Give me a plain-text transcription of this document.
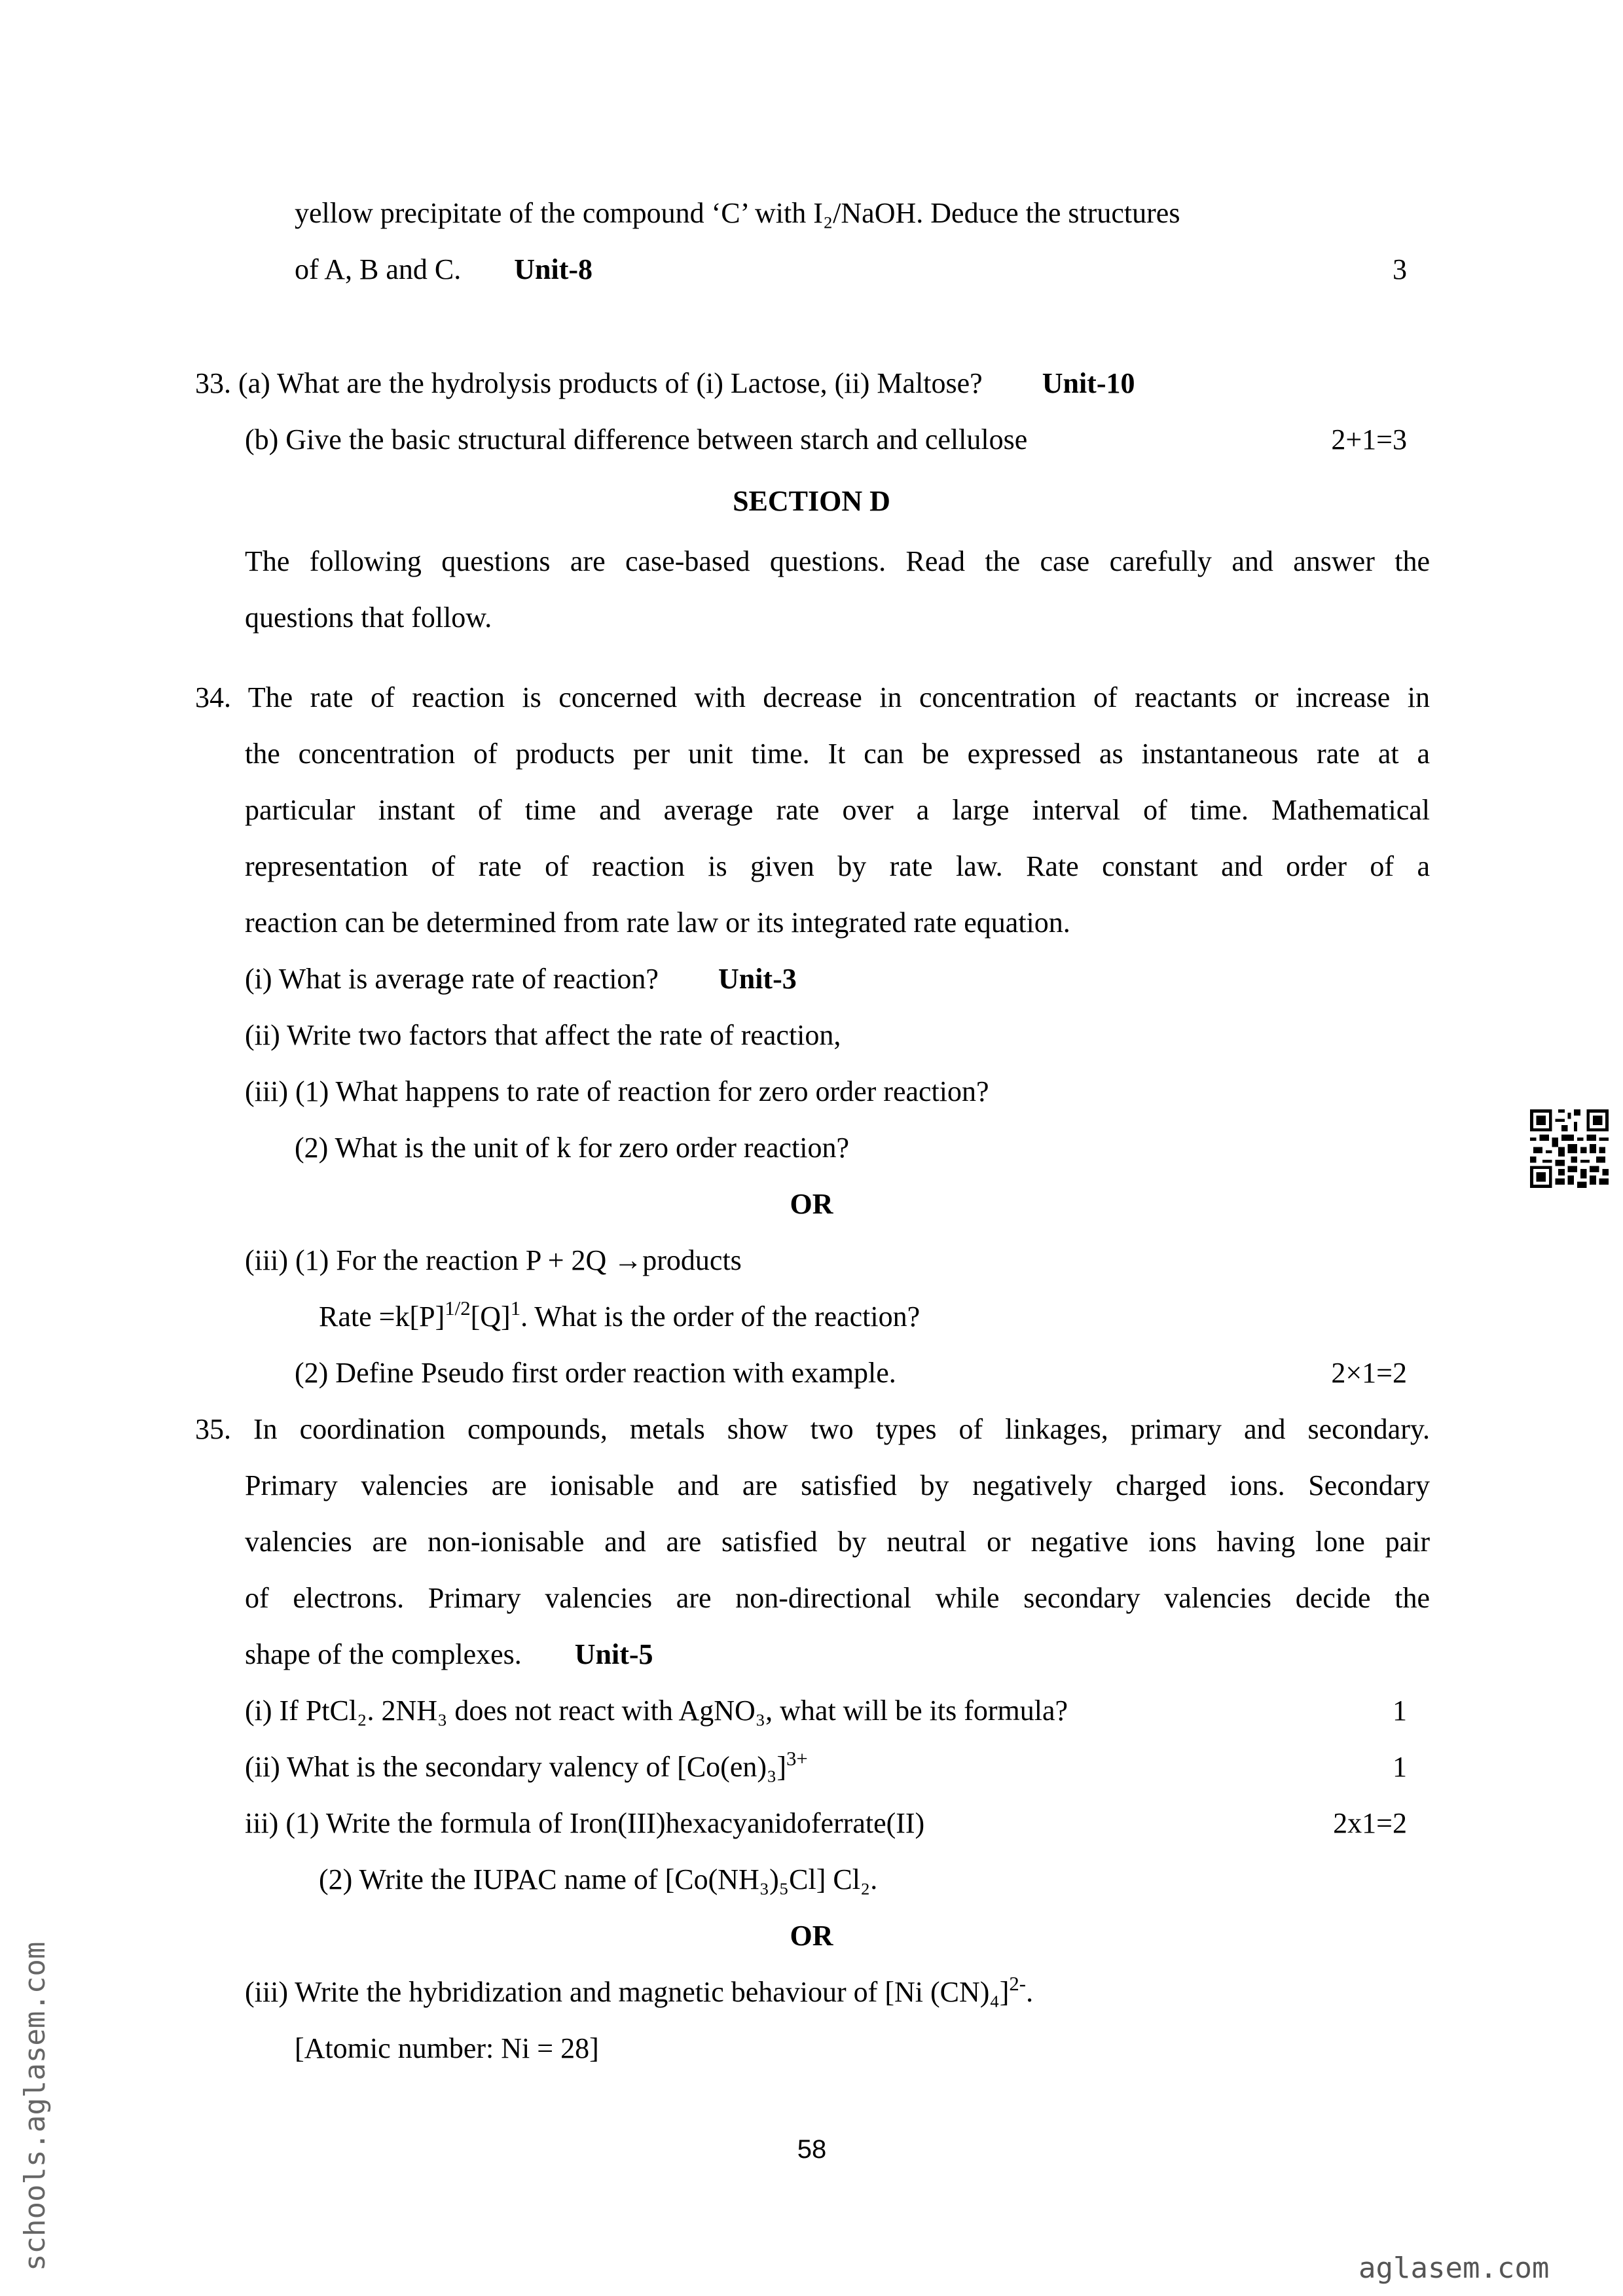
yellow precipitate of the compound ‘C’ with I₂/NaOH. Deduce the structures
of A, B and C. Unit-8	3
33. (a) What are the hydrolysis products of (i) Lactose, (ii) Maltose? Unit-10
(b) Give the basic structural difference between starch and cellulose	2+1=3
SECTION D
The following questions are case-based questions. Read the case carefully and answer the
questions that follow.
34. The rate of reaction is concerned with decrease in concentration of reactants or increase in
the concentration of products per unit time. It can be expressed as instantaneous rate at a
particular instant of time and average rate over a large interval of time. Mathematical
representation of rate of reaction is given by rate law. Rate constant and order of a
reaction can be determined from rate law or its integrated rate equation.
(i) What is average rate of reaction? Unit-3
(ii) Write two factors that affect the rate of reaction,
(iii) (1) What happens to rate of reaction for zero order reaction?
(2) What is the unit of k for zero order reaction?
OR
(iii) (1) For the reaction P + 2Q →products
Rate $=k[P]^{1/2}[Q]^1$. What is the order of the reaction?
(2) Define Pseudo first order reaction with example.	2×1=2
35. In coordination compounds, metals show two types of linkages, primary and secondary.
Primary valencies are ionisable and are satisfied by negatively charged ions. Secondary
valencies are non-ionisable and are satisfied by neutral or negative ions having lone pair
of electrons. Primary valencies are non-directional while secondary valencies decide the
shape of the complexes. Unit-5
(i) If PtCl₂. 2NH₃ does not react with AgNO₃, what will be its formula?	1
(ii) What is the secondary valency of $[Co(en)_3]^{3+}$	1
iii) (1) Write the formula of Iron(III)hexacyanidoferrate(II)	2x1=2
(2) Write the IUPAC name of [Co(NH₃)₅Cl] Cl₂.
OR
(iii) Write the hybridization and magnetic behaviour of [Ni (CN)₄]$^{2-}$.
[Atomic number: Ni = 28]
58
schools.aglasem.com	aglasem.com
